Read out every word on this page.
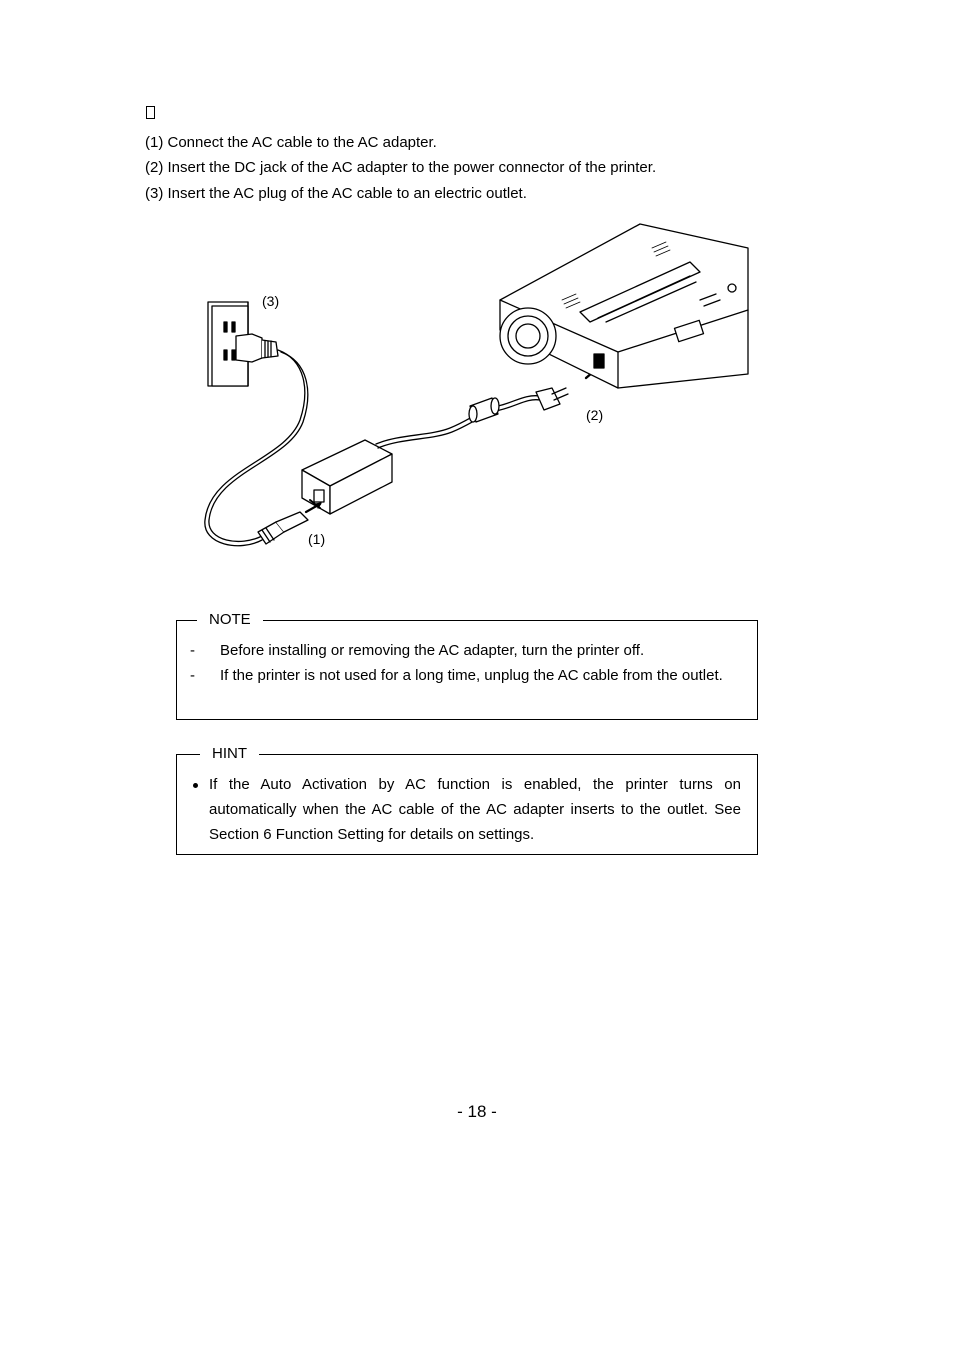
(1) Connect the AC cable to the AC adapter.
(2) Insert the DC jack of the AC adapter to the power connector of the printer.
(3) Insert the AC plug of the AC cable to an electric outlet.
(3)
(2)
(1)
NOTE
- Before installing or removing the AC adapter, turn the printer off.
- If the printer is not used for a long time, unplug the AC cable from the outlet.
HINT
If the Auto Activation by AC function is enabled, the printer turns on automatically when the AC cable of the AC adapter inserts to the outlet. See Section 6 Function Setting for details on settings.
- 18 -
